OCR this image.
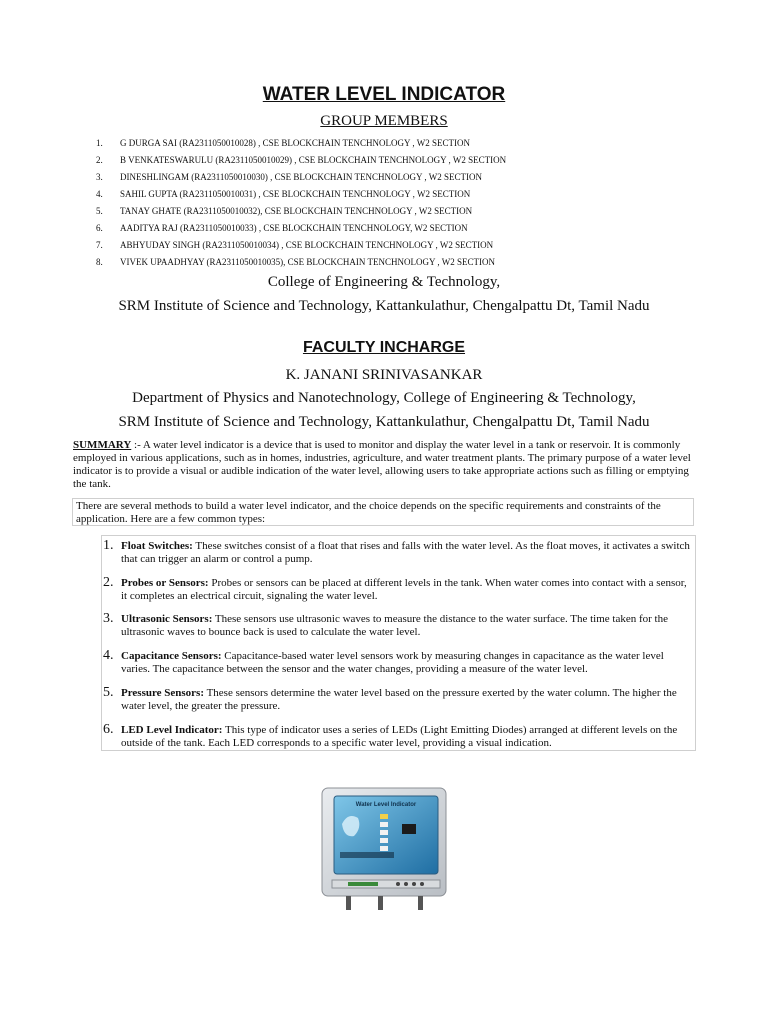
WATER LEVEL INDICATOR
GROUP MEMBERS
1. G DURGA SAI (RA2311050010028) , CSE BLOCKCHAIN TENCHNOLOGY , W2 SECTION
2. B VENKATESWARULU (RA2311050010029) , CSE BLOCKCHAIN TENCHNOLOGY , W2 SECTION
3. DINESHLINGAM (RA2311050010030) , CSE BLOCKCHAIN TENCHNOLOGY , W2 SECTION
4. SAHIL GUPTA (RA2311050010031) , CSE BLOCKCHAIN TENCHNOLOGY , W2 SECTION
5. TANAY GHATE (RA2311050010032), CSE BLOCKCHAIN TENCHNOLOGY , W2 SECTION
6. AADITYA RAJ (RA2311050010033) , CSE BLOCKCHAIN TENCHNOLOGY, W2 SECTION
7. ABHYUDAY SINGH (RA2311050010034) , CSE BLOCKCHAIN TENCHNOLOGY , W2 SECTION
8. VIVEK UPAADHYAY (RA2311050010035), CSE BLOCKCHAIN TENCHNOLOGY , W2 SECTION
College of Engineering & Technology,
SRM Institute of Science and Technology, Kattankulathur, Chengalpattu Dt, Tamil Nadu
FACULTY INCHARGE
K. JANANI SRINIVASANKAR
Department of Physics and Nanotechnology, College of Engineering & Technology,
SRM Institute of Science and Technology, Kattankulathur, Chengalpattu Dt, Tamil Nadu

SUMMARY :- A water level indicator is a device that is used to monitor and display the water level in a tank or reservoir. It is commonly employed in various applications, such as in homes, industries, agriculture, and water treatment plants. The primary purpose of a water level indicator is to provide a visual or audible indication of the water level, allowing users to take appropriate actions such as filling or emptying the tank.

There are several methods to build a water level indicator, and the choice depends on the specific requirements and constraints of the application. Here are a few common types:
1. Float Switches: These switches consist of a float that rises and falls with the water level. As the float moves, it activates a switch that can trigger an alarm or control a pump.
2. Probes or Sensors: Probes or sensors can be placed at different levels in the tank. When water comes into contact with a sensor, it completes an electrical circuit, signaling the water level.
3. Ultrasonic Sensors: These sensors use ultrasonic waves to measure the distance to the water surface. The time taken for the ultrasonic waves to bounce back is used to calculate the water level.
4. Capacitance Sensors: Capacitance-based water level sensors work by measuring changes in capacitance as the water level varies. The capacitance between the sensor and the water changes, providing a measure of the water level.
5. Pressure Sensors: These sensors determine the water level based on the pressure exerted by the water column. The higher the water level, the greater the pressure.
6. LED Level Indicator: This type of indicator uses a series of LEDs (Light Emitting Diodes) arranged at different levels on the outside of the tank. Each LED corresponds to a specific water level, providing a visual indication.
Water Level Indicator
